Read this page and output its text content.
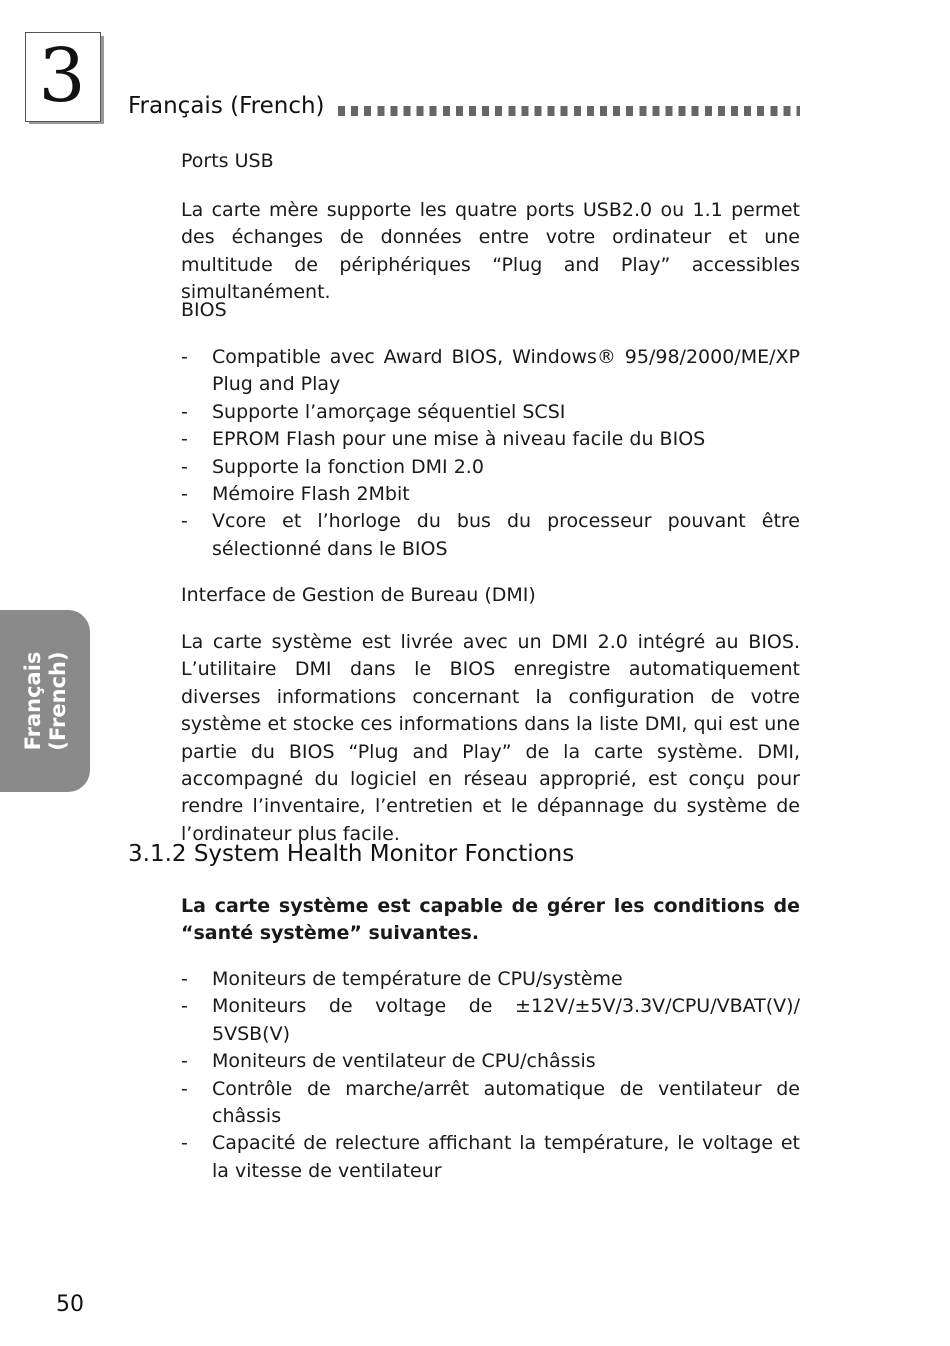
3	Français (French)
Français (French)
Ports USB

La carte mère supporte les quatre ports USB2.0 ou 1.1 permet des échanges de données entre votre ordinateur et une multitude de périphériques “Plug and Play” accessibles simultanément.

BIOS
- Compatible avec Award BIOS, Windows® 95/98/2000/ME/XP Plug and Play
- Supporte l’amorçage séquentiel SCSI
- EPROM Flash pour une mise à niveau facile du BIOS
- Supporte la fonction DMI 2.0
- Mémoire Flash 2Mbit
- Vcore et l’horloge du bus du processeur pouvant être sélectionné dans le BIOS
Interface de Gestion de Bureau (DMI)

La carte système est livrée avec un DMI 2.0 intégré au BIOS. L’utilitaire DMI dans le BIOS enregistre automatiquement diverses informations concernant la configuration de votre système et stocke ces informations dans la liste DMI, qui est une partie du BIOS “Plug and Play” de la carte système. DMI, accompagné du logiciel en réseau approprié, est conçu pour rendre l’inventaire, l’entretien et le dépannage du système de l’ordinateur plus facile.

La carte système est capable de gérer les conditions de “santé système” suivantes.

- Moniteurs de température de CPU/système
- Moniteurs de voltage de ±12V/±5V/3.3V/CPU/VBAT(V)/ 5VSB(V)
- Moniteurs de ventilateur de CPU/châssis
- Contrôle de marche/arrêt automatique de ventilateur de châssis
- Capacité de relecture affichant la température, le voltage et la vitesse de ventilateur
3.1.2 System Health Monitor Fonctions
50
